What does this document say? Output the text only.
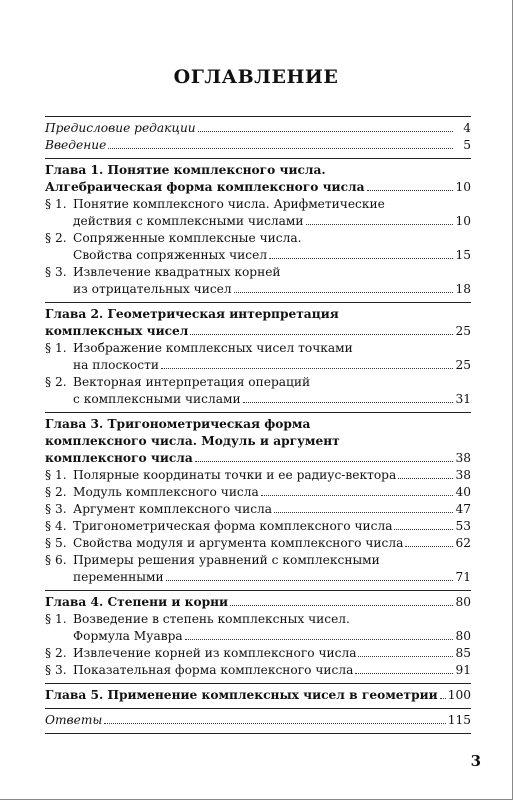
ОГЛАВЛЕНИЕ
Предисловие редакции	4
Введение	5
Глава 1. Понятие комплексного числа.
Алгебраическая форма комплексного числа	10
§ 1. Понятие комплексного числа. Арифметические
действия с комплексными числами	10
§ 2. Сопряженные комплексные числа.
Свойства сопряженных чисел	15
§ 3. Извлечение квадратных корней
из отрицательных чисел	18
Глава 2. Геометрическая интерпретация
комплексных чисел	25
§ 1. Изображение комплексных чисел точками
на плоскости	25
§ 2. Векторная интерпретация операций
с комплексными числами	31
Глава 3. Тригонометрическая форма
комплексного числа. Модуль и аргумент
комплексного числа	38
§ 1. Полярные координаты точки и ее радиус-вектора	38
§ 2. Модуль комплексного числа	40
§ 3. Аргумент комплексного числа	47
§ 4. Тригонометрическая форма комплексного числа	53
§ 5. Свойства модуля и аргумента комплексного числа	62
§ 6. Примеры решения уравнений с комплексными
переменными	71
Глава 4. Степени и корни	80
§ 1. Возведение в степень комплексных чисел.
Формула Муавра	80
§ 2. Извлечение корней из комплексного числа	85
§ 3. Показательная форма комплексного числа	91
Глава 5. Применение комплексных чисел в геометрии 100
Ответы	115
3
